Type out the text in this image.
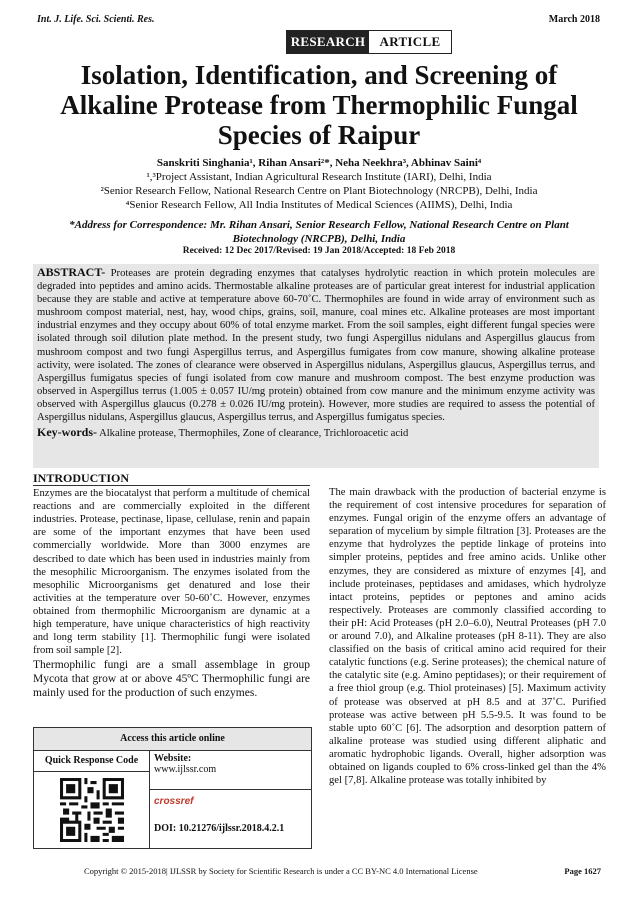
Int. J. Life. Sci. Scienti. Res.	March 2018
RESEARCH	ARTICLE
Isolation, Identification, and Screening of Alkaline Protease from Thermophilic Fungal Species of Raipur
Sanskriti Singhania¹, Rihan Ansari²*, Neha Neekhra³, Abhinav Saini⁴
¹,³Project Assistant, Indian Agricultural Research Institute (IARI), Delhi, India
²Senior Research Fellow, National Research Centre on Plant Biotechnology (NRCPB), Delhi, India
⁴Senior Research Fellow, All India Institutes of Medical Sciences (AIIMS), Delhi, India
*Address for Correspondence: Mr. Rihan Ansari, Senior Research Fellow, National Research Centre on Plant Biotechnology (NRCPB), Delhi, India
Received: 12 Dec 2017/Revised: 19 Jan 2018/Accepted: 18 Feb 2018
ABSTRACT- Proteases are protein degrading enzymes that catalyses hydrolytic reaction in which protein molecules are degraded into peptides and amino acids. Thermostable alkaline proteases are of particular great interest for industrial application because they are stable and active at temperature above 60-70˚C. Thermophiles are found in wide array of environment such as mushroom compost material, nest, hay, wood chips, grains, soil, manure, coal mines etc. Alkaline proteases are most important industrial enzymes and they occupy about 60% of total enzyme market. From the soil samples, eight different fungal species were isolated through soil dilution plate method. In the present study, two fungi Aspergillus nidulans and Aspergillus glaucus from mushroom compost and two fungi Aspergillus terrus, and Aspergillus fumigates from cow manure, showing alkaline protease activity, were isolated. The zones of clearance were observed in Aspergillus nidulans, Aspergillus glaucus, Aspergillus terrus, and Aspergillus fumigatus species of fungi isolated from cow manure and mushroom compost. The best enzyme production was observed in Aspergillus terrus (1.005 ± 0.057 IU/mg protein) obtained from cow manure and the minimum enzyme activity was observed with Aspergillus glaucus (0.278 ± 0.026 IU/mg protein). However, more studies are required to assess the potential of Aspergillus nidulans, Aspergillus glaucus, Aspergillus terrus, and Aspergillus fumigatus species.
Key-words- Alkaline protease, Thermophiles, Zone of clearance, Trichloroacetic acid
INTRODUCTION

Enzymes are the biocatalyst that perform a multitude of chemical reactions and are commercially exploited in the different industries. Protease, pectinase, lipase, cellulase, renin and papain are some of the important enzymes that have been used commercially worldwide. More than 3000 enzymes are described to date which has been used in industries mainly from the mesophilic Microorganism. The enzymes isolated from the mesophilic Microorganisms get denatured and lose their activities at the temperature over 50-60˚C. However, enzymes obtained from thermophilic Microorganism are dynamic at a high temperature, have unique characteristics of high reactivity and long term stability [1]. Thermophilic fungi were isolated from soil sample [2].

Thermophilic fungi are a small assemblage in group Mycota that grow at or above 45ºC Thermophilic fungi are mainly used for the production of such enzymes.

The main drawback with the production of bacterial enzyme is the requirement of cost intensive procedures for separation of enzymes. Fungal origin of the enzyme offers an advantage of separation of mycelium by simple filtration [3]. Proteases are the enzyme that hydrolyzes the peptide linkage of proteins into simpler proteins, peptides and free amino acids. Unlike other enzymes, they are considered as mixture of enzymes [4], and include proteinases, peptidases and amidases, which hydrolyze intact proteins, peptides or peptones and amino acids respectively. Proteases are commonly classified according to their pH: Acid Proteases (pH 2.0–6.0), Neutral Proteases (pH 7.0 or around 7.0), and Alkaline proteases (pH 8-11). They are also classified on the basis of critical amino acid required for their catalytic functions (e.g. Serine proteases); the chemical nature of the catalytic site (e.g. Amino peptidases); or their requirement of a free thiol group (e.g. Thiol proteinases) [5]. Maximum activity of protease was observed at pH 8.5 and at 37˚C. Purified protease was active between pH 5.5-9.5. It was found to be stable upto 60˚C [6]. The adsorption and desorption pattern of alkaline protease was studied using different aliphatic and aromatic hydrophobic ligands. Overall, higher adsorption was obtained on ligands coupled to 6% cross-linked gel than the 4% gel [7,8]. Alkaline protease was totally inhibited by

Access this article online
Quick Response Code	Website:
www.ijlssr.com
crossref
DOI: 10.21276/ijlssr.2018.4.2.1
Copyright © 2015-2018| IJLSSR by Society for Scientific Research is under a CC BY-NC 4.0 International License	Page 1627
